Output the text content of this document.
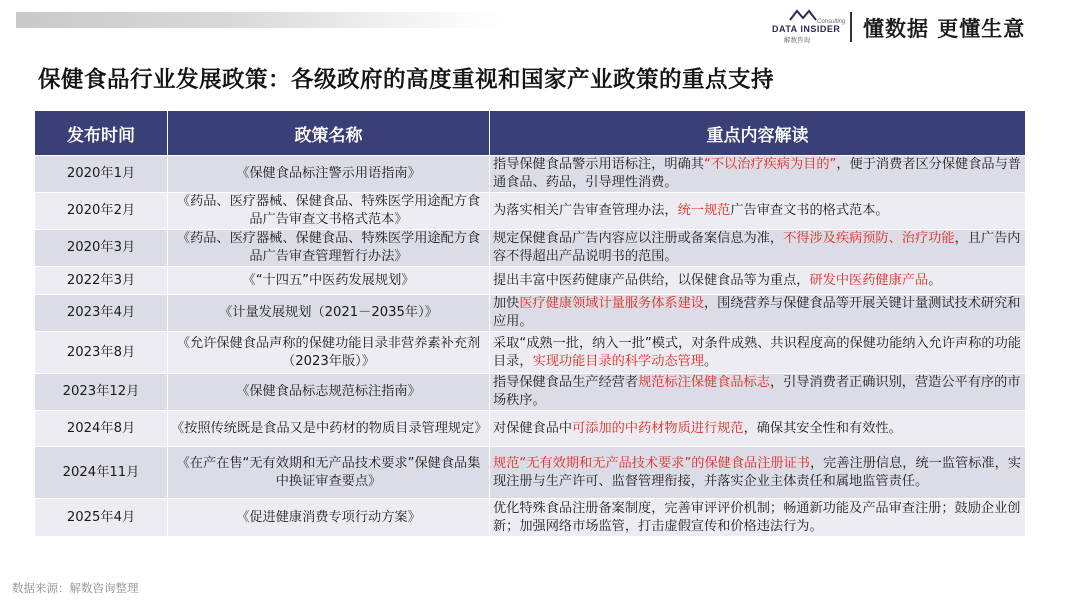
Consulting
DATA INSIDER
解数咨询	懂数据 更懂生意
保健食品行业发展政策：各级政府的高度重视和国家产业政策的重点支持
发布时间	政策名称	重点内容解读
2020年1月	《保健食品标注警示用语指南》	指导保健食品警示用语标注，明确其“不以治疗疾病为目的”，便于消费者区分保健食品与普通食品、药品，引导理性消费。
2020年2月	《药品、医疗器械、保健食品、特殊医学用途配方食品广告审查文书格式范本》	为落实相关广告审查管理办法，统一规范广告审查文书的格式范本。
2020年3月	《药品、医疗器械、保健食品、特殊医学用途配方食品广告审查管理暂行办法》	规定保健食品广告内容应以注册或备案信息为准，不得涉及疾病预防、治疗功能，且广告内容不得超出产品说明书的范围。
2022年3月	《“十四五”中医药发展规划》	提出丰富中医药健康产品供给，以保健食品等为重点，研发中医药健康产品。
2023年4月	《计量发展规划（2021－2035年）》	加快医疗健康领域计量服务体系建设，围绕营养与保健食品等开展关键计量测试技术研究和应用。
2023年8月	《允许保健食品声称的保健功能目录非营养素补充剂（2023年版）》	采取“成熟一批，纳入一批”模式，对条件成熟、共识程度高的保健功能纳入允许声称的功能目录，实现功能目录的科学动态管理。
2023年12月	《保健食品标志规范标注指南》	指导保健食品生产经营者规范标注保健食品标志，引导消费者正确识别，营造公平有序的市场秩序。
2024年8月	《按照传统既是食品又是中药材的物质目录管理规定》	对保健食品中可添加的中药材物质进行规范，确保其安全性和有效性。
2024年11月	《在产在售“无有效期和无产品技术要求”保健食品集中换证审查要点》	规范“无有效期和无产品技术要求”的保健食品注册证书，完善注册信息，统一监管标准，实现注册与生产许可、监督管理衔接，并落实企业主体责任和属地监管责任。
2025年4月	《促进健康消费专项行动方案》	优化特殊食品注册备案制度，完善审评评价机制；畅通新功能及产品审查注册；鼓励企业创新；加强网络市场监管，打击虚假宣传和价格违法行为。
数据来源：解数咨询整理
